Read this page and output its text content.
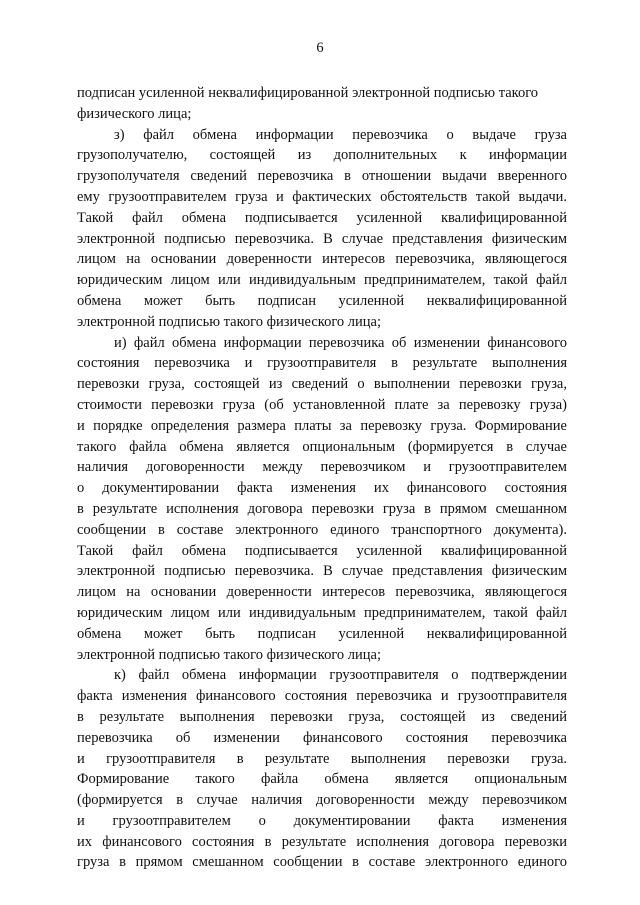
6
подписан усиленной неквалифицированной электронной подписью такого
физического лица;
з) файл обмена информации перевозчика о выдаче груза
грузополучателю, состоящей из дополнительных к информации
грузополучателя сведений перевозчика в отношении выдачи вверенного
ему грузоотправителем груза и фактических обстоятельств такой выдачи.
Такой файл обмена подписывается усиленной квалифицированной
электронной подписью перевозчика. В случае представления физическим
лицом на основании доверенности интересов перевозчика, являющегося
юридическим лицом или индивидуальным предпринимателем, такой файл
обмена может быть подписан усиленной неквалифицированной
электронной подписью такого физического лица;
и) файл обмена информации перевозчика об изменении финансового
состояния перевозчика и грузоотправителя в результате выполнения
перевозки груза, состоящей из сведений о выполнении перевозки груза,
стоимости перевозки груза (об установленной плате за перевозку груза)
и порядке определения размера платы за перевозку груза. Формирование
такого файла обмена является опциональным (формируется в случае
наличия договоренности между перевозчиком и грузоотправителем
о документировании факта изменения их финансового состояния
в результате исполнения договора перевозки груза в прямом смешанном
сообщении в составе электронного единого транспортного документа).
Такой файл обмена подписывается усиленной квалифицированной
электронной подписью перевозчика. В случае представления физическим
лицом на основании доверенности интересов перевозчика, являющегося
юридическим лицом или индивидуальным предпринимателем, такой файл
обмена может быть подписан усиленной неквалифицированной
электронной подписью такого физического лица;
к) файл обмена информации грузоотправителя о подтверждении
факта изменения финансового состояния перевозчика и грузоотправителя
в результате выполнения перевозки груза, состоящей из сведений
перевозчика об изменении финансового состояния перевозчика
и грузоотправителя в результате выполнения перевозки груза.
Формирование такого файла обмена является опциональным
(формируется в случае наличия договоренности между перевозчиком
и грузоотправителем о документировании факта изменения
их финансового состояния в результате исполнения договора перевозки
груза в прямом смешанном сообщении в составе электронного единого
